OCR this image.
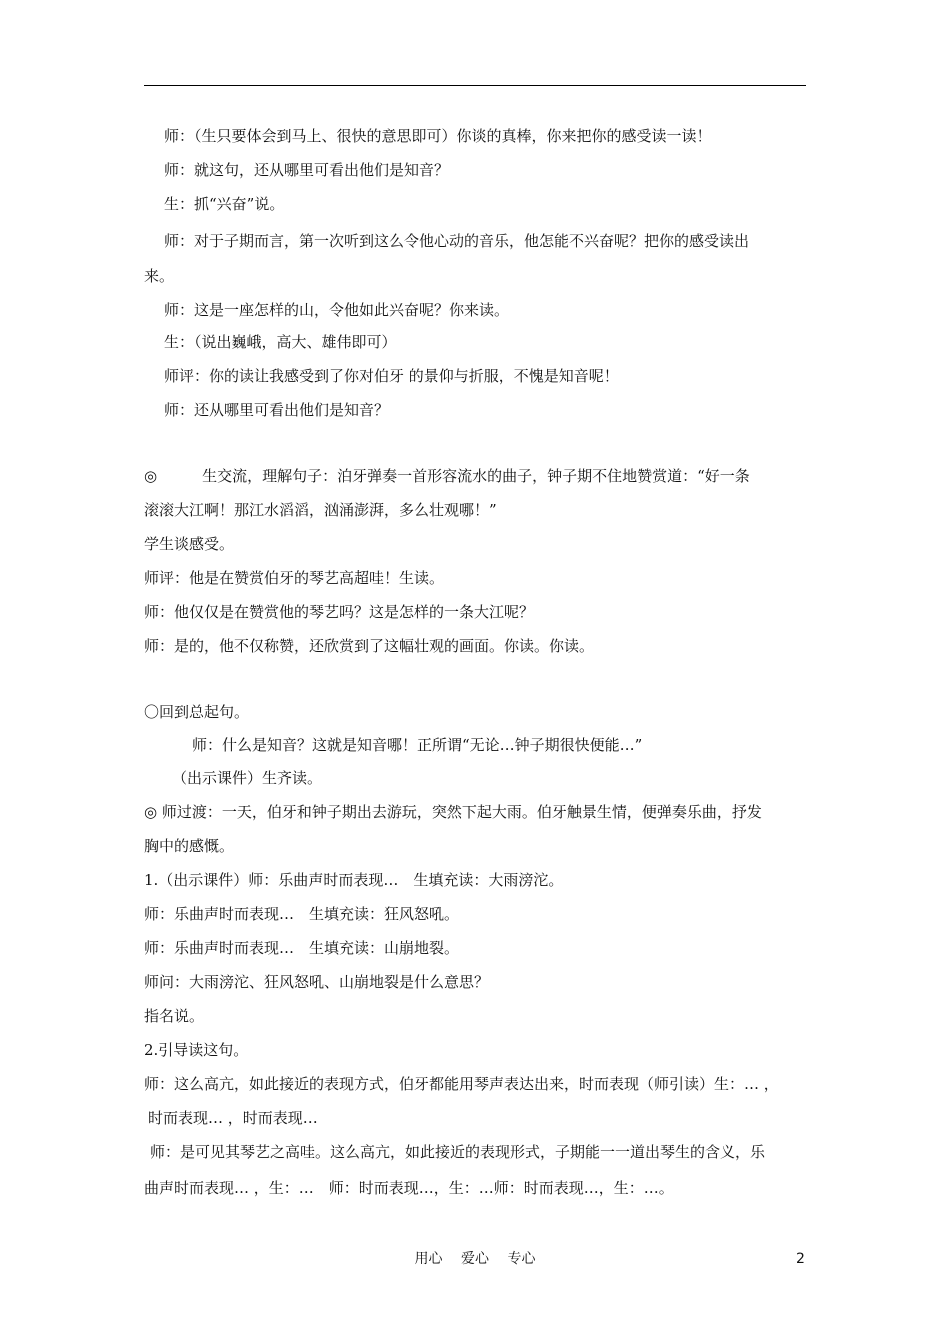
师：（生只要体会到马上、很快的意思即可）你谈的真棒，你来把你的感受读一读！
师：就这句，还从哪里可看出他们是知音？
生：抓“兴奋”说。
师：对于子期而言，第一次听到这么令他心动的音乐，他怎能不兴奋呢？把你的感受读出
来。
师：这是一座怎样的山，令他如此兴奋呢？你来读。
生：（说出巍峨，高大、雄伟即可）
师评：你的读让我感受到了你对伯牙 的景仰与折服，不愧是知音呢！
师：还从哪里可看出他们是知音？
◎　　　生交流，理解句子：泊牙弹奏一首形容流水的曲子，钟子期不住地赞赏道：“好一条
滚滚大江啊！那江水滔滔，汹涌澎湃，多么壮观哪！”
学生谈感受。
师评：他是在赞赏伯牙的琴艺高超哇！生读。
师：他仅仅是在赞赏他的琴艺吗？这是怎样的一条大江呢？
师：是的，他不仅称赞，还欣赏到了这幅壮观的画面。你读。你读。
〇回到总起句。
师：什么是知音？这就是知音哪！正所谓“无论…钟子期很快便能…”
（出示课件）生齐读。
◎ 师过渡：一天，伯牙和钟子期出去游玩，突然下起大雨。伯牙触景生情，便弹奏乐曲，抒发
胸中的感慨。
1.（出示课件）师：乐曲声时而表现…　生填充读：大雨滂沱。
师：乐曲声时而表现…　生填充读：狂风怒吼。
师：乐曲声时而表现…　生填充读：山崩地裂。
师问：大雨滂沱、狂风怒吼、山崩地裂是什么意思？
指名说。
2.引导读这句。
师：这么高亢，如此接近的表现方式，伯牙都能用琴声表达出来，时而表现（师引读）生：… ，
时而表现… ，时而表现…
师：是可见其琴艺之高哇。这么高亢，如此接近的表现形式，子期能一一道出琴生的含义，乐
曲声时而表现… ，生：…　师：时而表现…，生：…师：时而表现…，生：…。
用心　 爱心　 专心	2
